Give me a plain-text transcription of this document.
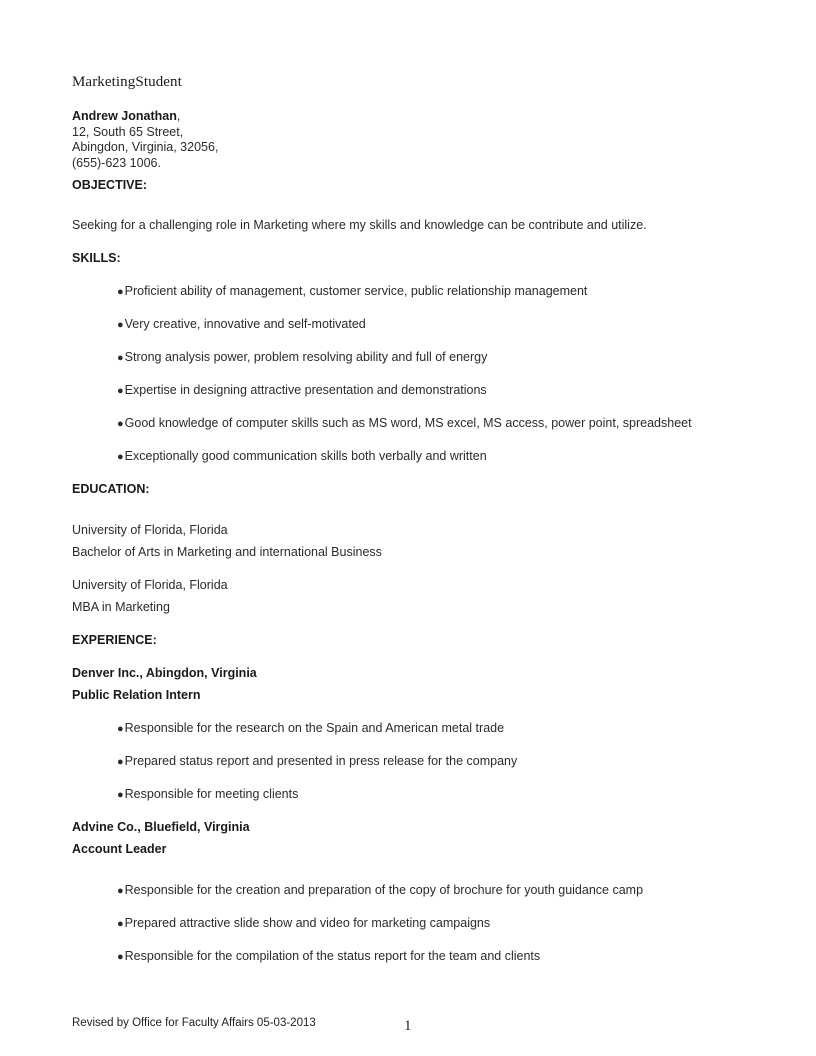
MarketingStudent
Andrew Jonathan,
12, South 65 Street,
Abingdon, Virginia, 32056,
(655)-623 1006.
OBJECTIVE:
Seeking for a challenging role in Marketing where my skills and knowledge can be contribute and utilize.
SKILLS:
●Proficient ability of management, customer service, public relationship management
●Very creative, innovative and self-motivated
●Strong analysis power, problem resolving ability and full of energy
●Expertise in designing attractive presentation and demonstrations
●Good knowledge of computer skills such as MS word, MS excel, MS access, power point, spreadsheet
●Exceptionally good communication skills both verbally and written
EDUCATION:
University of Florida, Florida
Bachelor of Arts in Marketing and international Business
University of Florida, Florida
MBA in Marketing
EXPERIENCE:
Denver Inc., Abingdon, Virginia
Public Relation Intern
●Responsible for the research on the Spain and American metal trade
●Prepared status report and presented in press release for the company
●Responsible for meeting clients
Advine Co., Bluefield, Virginia
Account Leader
●Responsible for the creation and preparation of the copy of brochure for youth guidance camp
●Prepared attractive slide show and video for marketing campaigns
●Responsible for the compilation of the status report for the team and clients
Revised by Office for Faculty Affairs 05-03-2013	1
